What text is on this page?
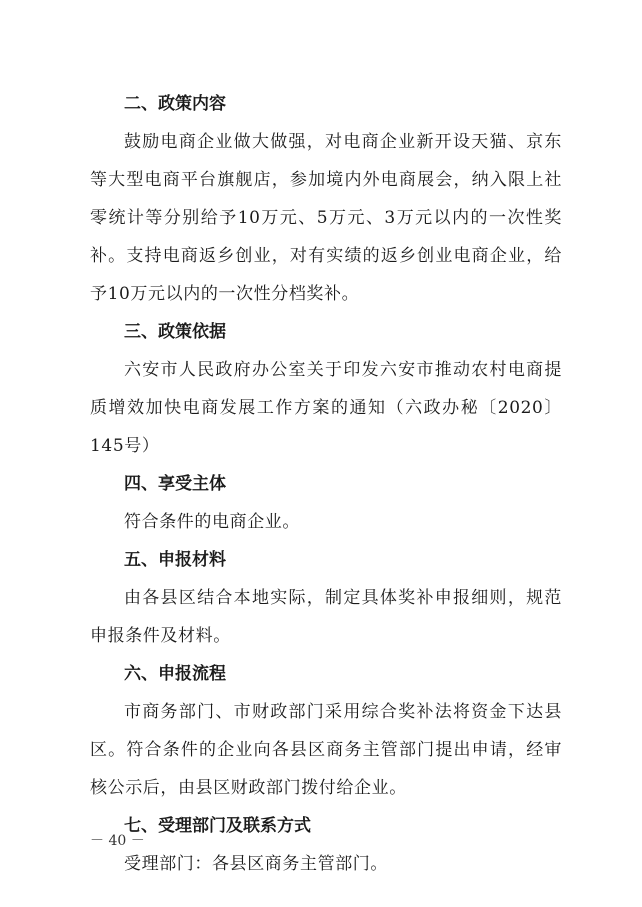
二、政策内容

鼓励电商企业做大做强，对电商企业新开设天猫、京东等大型电商平台旗舰店，参加境内外电商展会，纳入限上社零统计等分别给予10万元、5万元、3万元以内的一次性奖补。支持电商返乡创业，对有实绩的返乡创业电商企业，给予10万元以内的一次性分档奖补。

三、政策依据

六安市人民政府办公室关于印发六安市推动农村电商提质增效加快电商发展工作方案的通知（六政办秘〔2020〕145号）

四、享受主体

符合条件的电商企业。

五、申报材料

由各县区结合本地实际，制定具体奖补申报细则，规范申报条件及材料。

六、申报流程

市商务部门、市财政部门采用综合奖补法将资金下达县区。符合条件的企业向各县区商务主管部门提出申请，经审核公示后，由县区财政部门拨付给企业。

七、受理部门及联系方式

受理部门：各县区商务主管部门。

－ 40 －
